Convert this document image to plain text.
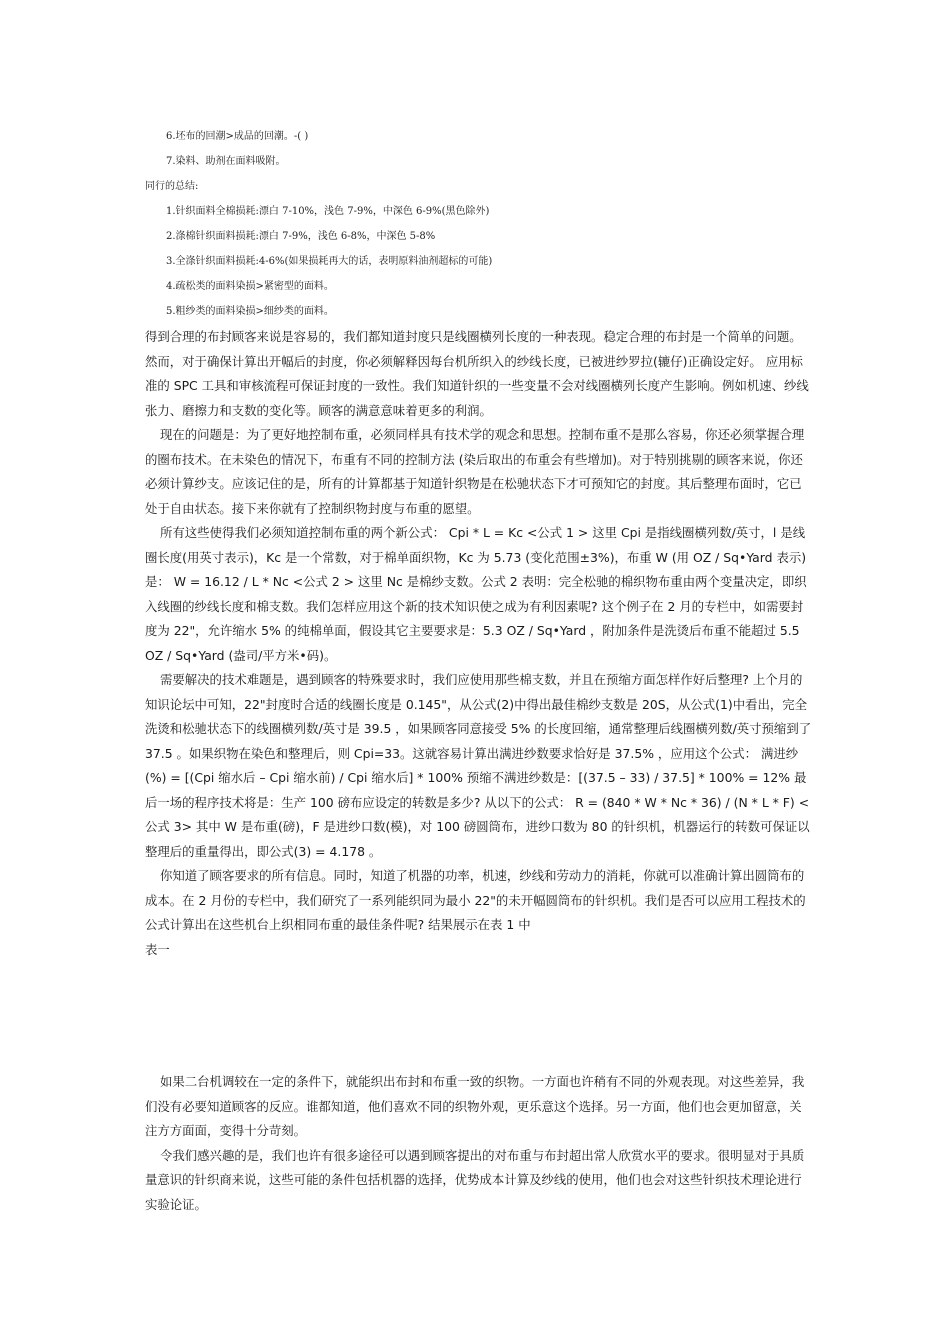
6.坯布的回潮>成品的回潮。-( )
7.染料、助剂在面料吸附。
同行的总结:
1.针织面料全棉损耗:漂白 7-10%，浅色 7-9%，中深色 6-9%(黑色除外)
2.涤棉针织面料损耗:漂白 7-9%，浅色 6-8%，中深色 5-8%
3.全涤针织面料损耗:4-6%(如果损耗再大的话，表明原料油剂超标的可能)
4.疏松类的面料染损>紧密型的面料。
5.粗纱类的面料染损>细纱类的面料。

得到合理的布封顾客来说是容易的，我们都知道封度只是线圈横列长度的一种表现。稳定合理的布封是一个简单的问题。然而，对于确保计算出开幅后的封度，你必须解释因每台机所织入的纱线长度，已被进纱罗拉(辘仔)正确设定好。 应用标准的 SPC 工具和审核流程可保证封度的一致性。我们知道针织的一些变量不会对线圈横列长度产生影响。例如机速、纱线张力、磨擦力和支数的变化等。顾客的满意意味着更多的利润。

现在的问题是：为了更好地控制布重，必须同样具有技术学的观念和思想。控制布重不是那么容易，你还必须掌握合理的圈布技术。在未染色的情况下，布重有不同的控制方法 (染后取出的布重会有些增加)。对于特别挑剔的顾客来说，你还必须计算纱支。应该记住的是，所有的计算都基于知道针织物是在松驰状态下才可预知它的封度。其后整理布面时，它已处于自由状态。接下来你就有了控制织物封度与布重的愿望。

所有这些使得我们必须知道控制布重的两个新公式： Cpi * L = Kc <公式 1 > 这里 Cpi 是指线圈横列数/英寸，l 是线圈长度(用英寸表示)，Kc 是一个常数，对于棉单面织物，Kc 为 5.73 (变化范围±3%)，布重 W (用 OZ / Sq•Yard 表示) 是： W = 16.12 / L * Nc <公式 2 > 这里 Nc 是棉纱支数。公式 2 表明：完全松驰的棉织物布重由两个变量决定，即织入线圈的纱线长度和棉支数。我们怎样应用这个新的技术知识使之成为有利因素呢? 这个例子在 2 月的专栏中，如需要封度为 22"，允许缩水 5% 的纯棉单面，假设其它主要要求是：5.3 OZ / Sq•Yard ，附加条件是洗烫后布重不能超过 5.5 OZ / Sq•Yard (盎司/平方米•码)。

需要解决的技术难题是，遇到顾客的特殊要求时，我们应使用那些棉支数，并且在预缩方面怎样作好后整理? 上个月的知识论坛中可知，22"封度时合适的线圈长度是 0.145"，从公式(2)中得出最佳棉纱支数是 20S，从公式(1)中看出，完全洗烫和松驰状态下的线圈横列数/英寸是 39.5 ，如果顾客同意接受 5% 的长度回缩，通常整理后线圈横列数/英寸预缩到了 37.5 。如果织物在染色和整理后，则 Cpi=33。这就容易计算出满进纱数要求恰好是 37.5% ，应用这个公式： 满进纱(%) = [(Cpi 缩水后 – Cpi 缩水前) / Cpi 缩水后] * 100% 预缩不满进纱数是：[(37.5 – 33) / 37.5] * 100% = 12% 最后一场的程序技术将是：生产 100 磅布应设定的转数是多少? 从以下的公式： R = (840 * W * Nc * 36) / (N * L * F) <公式 3> 其中 W 是布重(磅)，F 是进纱口数(模)，对 100 磅圆筒布，进纱口数为 80 的针织机，机器运行的转数可保证以整理后的重量得出，即公式(3) = 4.178 。

你知道了顾客要求的所有信息。同时，知道了机器的功率，机速，纱线和劳动力的消耗，你就可以准确计算出圆筒布的成本。在 2 月份的专栏中，我们研究了一系列能织同为最小 22"的未开幅圆筒布的针织机。我们是否可以应用工程技术的公式计算出在这些机台上织相同布重的最佳条件呢? 结果展示在表 1 中

表一

如果二台机调较在一定的条件下，就能织出布封和布重一致的织物。一方面也许稍有不同的外观表现。对这些差异，我们没有必要知道顾客的反应。谁都知道，他们喜欢不同的织物外观，更乐意这个选择。另一方面，他们也会更加留意，关注方方面面，变得十分苛刻。

令我们感兴趣的是，我们也许有很多途径可以遇到顾客提出的对布重与布封超出常人欣赏水平的要求。很明显对于具质量意识的针织商来说，这些可能的条件包括机器的选择，优势成本计算及纱线的使用，他们也会对这些针织技术理论进行实验论证。
